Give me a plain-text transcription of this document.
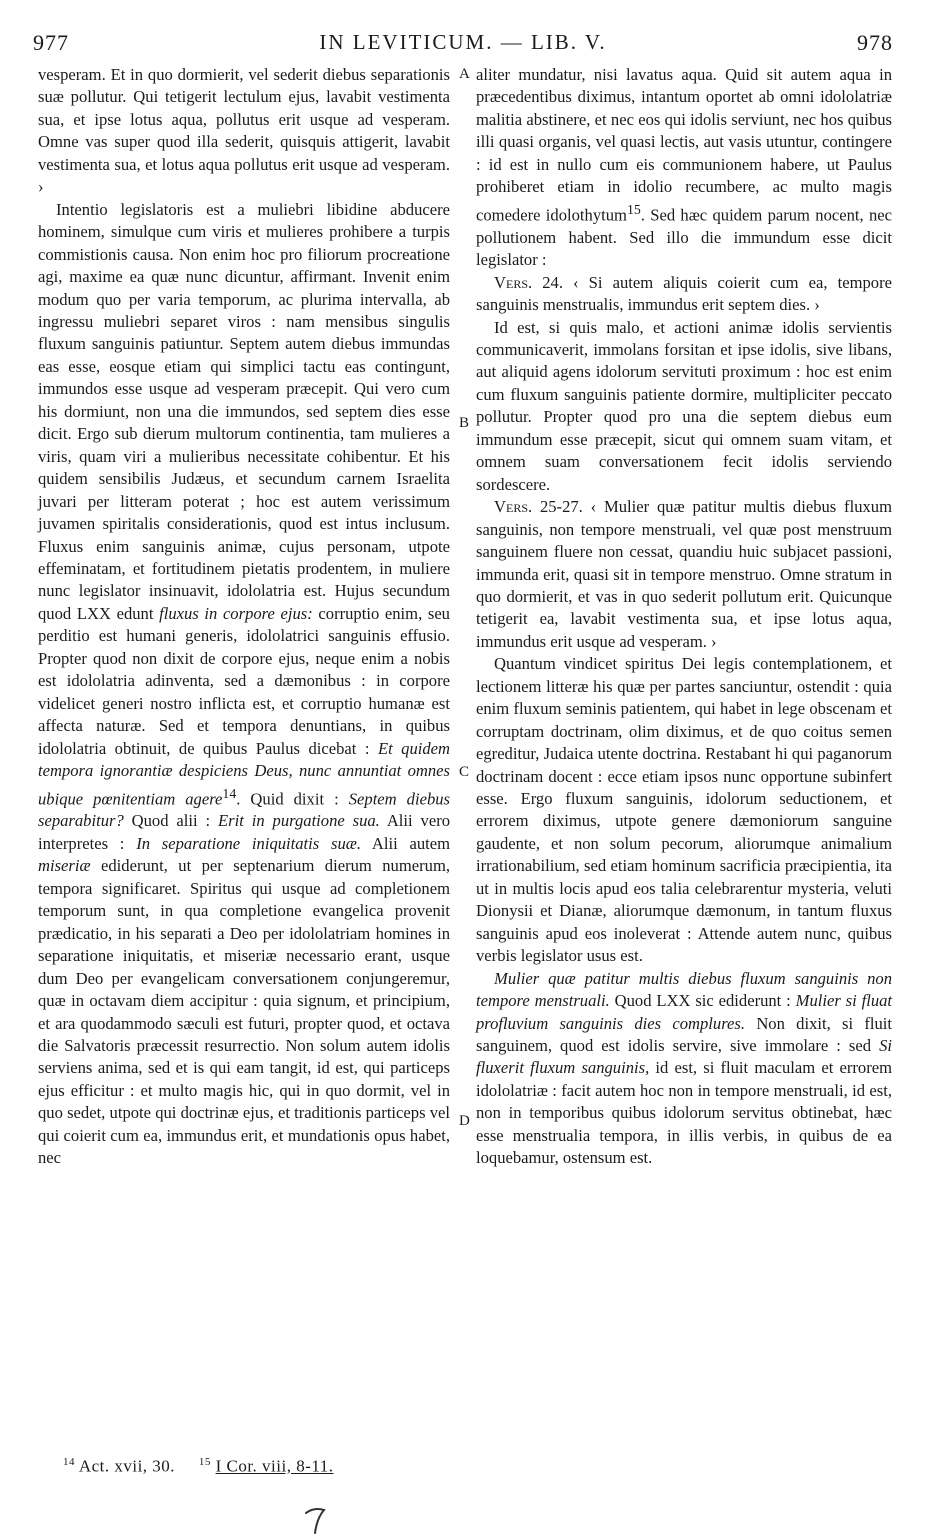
977	IN LEVITICUM. — LIB. V.	978
A
B
C
D

vesperam. Et in quo dormierit, vel sederit diebus separationis suæ pollutur. Qui tetigerit lectulum ejus, lavabit vestimenta sua, et ipse lotus aqua, pollutus erit usque ad vesperam. Omne vas super quod illa sederit, quisquis attigerit, lavabit vestimenta sua, et lotus aqua pollutus erit usque ad vesperam. ›

Intentio legislatoris est a muliebri libidine abducere hominem, simulque cum viris et mulieres prohibere a turpis commistionis causa. Non enim hoc pro filiorum procreatione agi, maxime ea quæ nunc dicuntur, affirmant. Invenit enim modum quo per varia temporum, ac plurima intervalla, ab ingressu muliebri separet viros : nam mensibus singulis fluxum sanguinis patiuntur. Septem autem diebus immundas eas esse, eosque etiam qui simplici tactu eas contingunt, immundos esse usque ad vesperam præcepit. Qui vero cum his dormiunt, non una die immundos, sed septem dies esse dicit. Ergo sub dierum multorum continentia, tam mulieres a viris, quam viri a mulieribus necessitate cohibentur. Et his quidem sensibilis Judæus, et secundum carnem Israelita juvari per litteram poterat ; hoc est autem verissimum juvamen spiritalis considerationis, quod est intus inclusum. Fluxus enim sanguinis animæ, cujus personam, utpote effeminatam, et fortitudinem pietatis prodentem, in muliere nunc legislator insinuavit, idololatria est. Hujus secundum quod LXX edunt fluxus in corpore ejus: corruptio enim, seu perditio est humani generis, idololatrici sanguinis effusio. Propter quod non dixit de corpore ejus, neque enim a nobis est idololatria adinventa, sed a dæmonibus : in corpore videlicet generi nostro inflicta est, et corruptio humanæ est affecta naturæ. Sed et tempora denuntians, in quibus idololatria obtinuit, de quibus Paulus dicebat : Et quidem tempora ignorantiæ despiciens Deus, nunc annuntiat omnes ubique pœnitentiam agere$^{14}$. Quid dixit : Septem diebus separabitur? Quod alii : Erit in purgatione sua. Alii vero interpretes : In separatione iniquitatis suæ. Alii autem miseriæ ediderunt, ut per septenarium dierum numerum, tempora significaret. Spiritus qui usque ad completionem temporum sunt, in qua completione evangelica provenit prædicatio, in his separati a Deo per idololatriam homines in separatione iniquitatis, et miseriæ necessario erant, usque dum Deo per evangelicam conversationem conjungeremur, quæ in octavam diem accipitur : quia signum, et principium, et ara quodammodo sæculi est futuri, propter quod, et octava die Salvatoris præcessit resurrectio. Non solum autem idolis serviens anima, sed et is qui eam tangit, id est, qui particeps ejus efficitur : et multo magis hic, qui in quo dormit, vel in quo sedet, utpote qui doctrinæ ejus, et traditionis particeps vel qui coierit cum ea, immundus erit, et mundationis opus habet, nec

aliter mundatur, nisi lavatus aqua. Quid sit autem aqua in præcedentibus diximus, intantum oportet ab omni idololatriæ malitia abstinere, et nec eos qui idolis serviunt, nec hos quibus illi quasi organis, vel quasi lectis, aut vasis utuntur, contingere : id est in nullo cum eis communionem habere, ut Paulus prohiberet etiam in idolio recumbere, ac multo magis comedere idolothytum$^{15}$. Sed hæc quidem parum nocent, nec pollutionem habent. Sed illo die immundum esse dicit legislator :

Vers. 24. ‹ Si autem aliquis coierit cum ea, tempore sanguinis menstrualis, immundus erit septem dies. ›

Id est, si quis malo, et actioni animæ idolis servientis communicaverit, immolans forsitan et ipse idolis, sive libans, aut aliquid agens idolorum servituti proximum : hoc est enim cum fluxum sanguinis patiente dormire, multipliciter peccato pollutur. Propter quod pro una die septem diebus eum immundum esse præcepit, sicut qui omnem suam vitam, et omnem suam conversationem fecit idolis serviendo sordescere.

Vers. 25-27. ‹ Mulier quæ patitur multis diebus fluxum sanguinis, non tempore menstruali, vel quæ post menstruum sanguinem fluere non cessat, quandiu huic subjacet passioni, immunda erit, quasi sit in tempore menstruo. Omne stratum in quo dormierit, et vas in quo sederit pollutum erit. Quicunque tetigerit ea, lavabit vestimenta sua, et ipse lotus aqua, immundus erit usque ad vesperam. ›

Quantum vindicet spiritus Dei legis contemplationem, et lectionem litteræ his quæ per partes sanciuntur, ostendit : quia enim fluxum seminis patientem, qui habet in lege obscenam et corruptam doctrinam, olim diximus, et de quo coitus semen egreditur, Judaica utente doctrina. Restabant hi qui paganorum doctrinam docent : ecce etiam ipsos nunc opportune subinfert esse. Ergo fluxum sanguinis, idolorum seductionem, et errorem diximus, utpote genere dæmoniorum sanguine gaudente, et non solum pecorum, aliorumque animalium irrationabilium, sed etiam hominum sacrificia præcipientia, ita ut in multis locis apud eos talia celebrarentur mysteria, veluti Dionysii et Dianæ, aliorumque dæmonum, in tantum fluxus sanguinis apud eos inoleverat : Attende autem nunc, quibus verbis legislator usus est.

Mulier quæ patitur multis diebus fluxum sanguinis non tempore menstruali. Quod LXX sic ediderunt : Mulier si fluat profluvium sanguinis dies complures. Non dixit, si fluit sanguinem, quod est idolis servire, sive immolare : sed Si fluxerit fluxum sanguinis, id est, si fluit maculam et errorem idololatriæ : facit autem hoc non in tempore menstruali, id est, non in temporibus quibus idolorum servitus obtinebat, hæc esse menstrualia tempora, in illis verbis, in quibus de ea loquebamur, ostensum est.

$^{14}$ Act. xvii, 30. $^{15}$ I Cor. viii, 8-11.
